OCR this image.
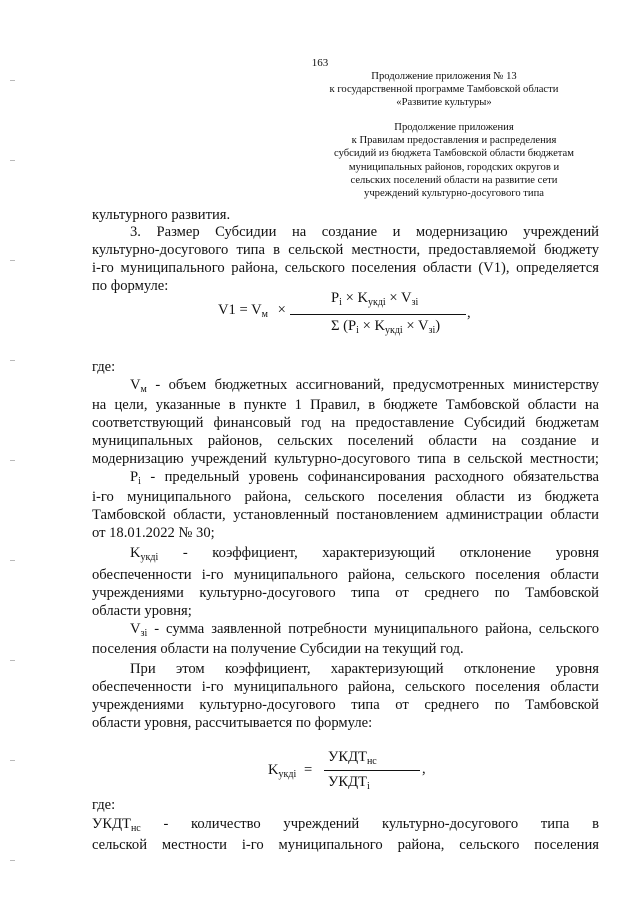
163
Продолжение приложения № 13
к государственной программе Тамбовской области
«Развитие культуры»
Продолжение приложения
к Правилам предоставления и распределения
субсидий из бюджета Тамбовской области бюджетам
муниципальных районов, городских округов и
сельских поселений области на развитие сети
учреждений культурно-досугового типа
культурного развития.
3. Размер Субсидии на создание и модернизацию учреждений
культурно-досугового типа в сельской местности, предоставляемой бюджету
i-го муниципального района, сельского поселения области (V1), определяется
по формуле:
$V1 = V_м$ ×
$P_i \times K_{укдi} \times V_{зi}$
Σ $(P_i \times K_{укдi} \times V_{зi})$
,
где:
$V_м$ - объем бюджетных ассигнований, предусмотренных министерству
на цели, указанные в пункте 1 Правил, в бюджете Тамбовской области на
соответствующий финансовый год на предоставление Субсидий бюджетам
муниципальных районов, сельских поселений области на создание и
модернизацию учреждений культурно-досугового типа в сельской местности;
$P_i$ - предельный уровень софинансирования расходного обязательства
i-го муниципального района, сельского поселения области из бюджета
Тамбовской области, установленный постановлением администрации области
от 18.01.2022 № 30;
$K_{укдi}$ - коэффициент, характеризующий отклонение уровня
обеспеченности i-го муниципального района, сельского поселения области
учреждениями культурно-досугового типа от среднего по Тамбовской
области уровня;
$V_{зi}$ - сумма заявленной потребности муниципального района, сельского
поселения области на получение Субсидии на текущий год.
При этом коэффициент, характеризующий отклонение уровня
обеспеченности i-го муниципального района, сельского поселения области
учреждениями культурно-досугового типа от среднего по Тамбовской
области уровня, рассчитывается по формуле:
$K_{укдi}$ =
$УКДТ_{нс}$
$УКДТ_i$
,
где:
$УКДТ_{нс}$ - количество учреждений культурно-досугового типа в
сельской местности i-го муниципального района, сельского поселения
